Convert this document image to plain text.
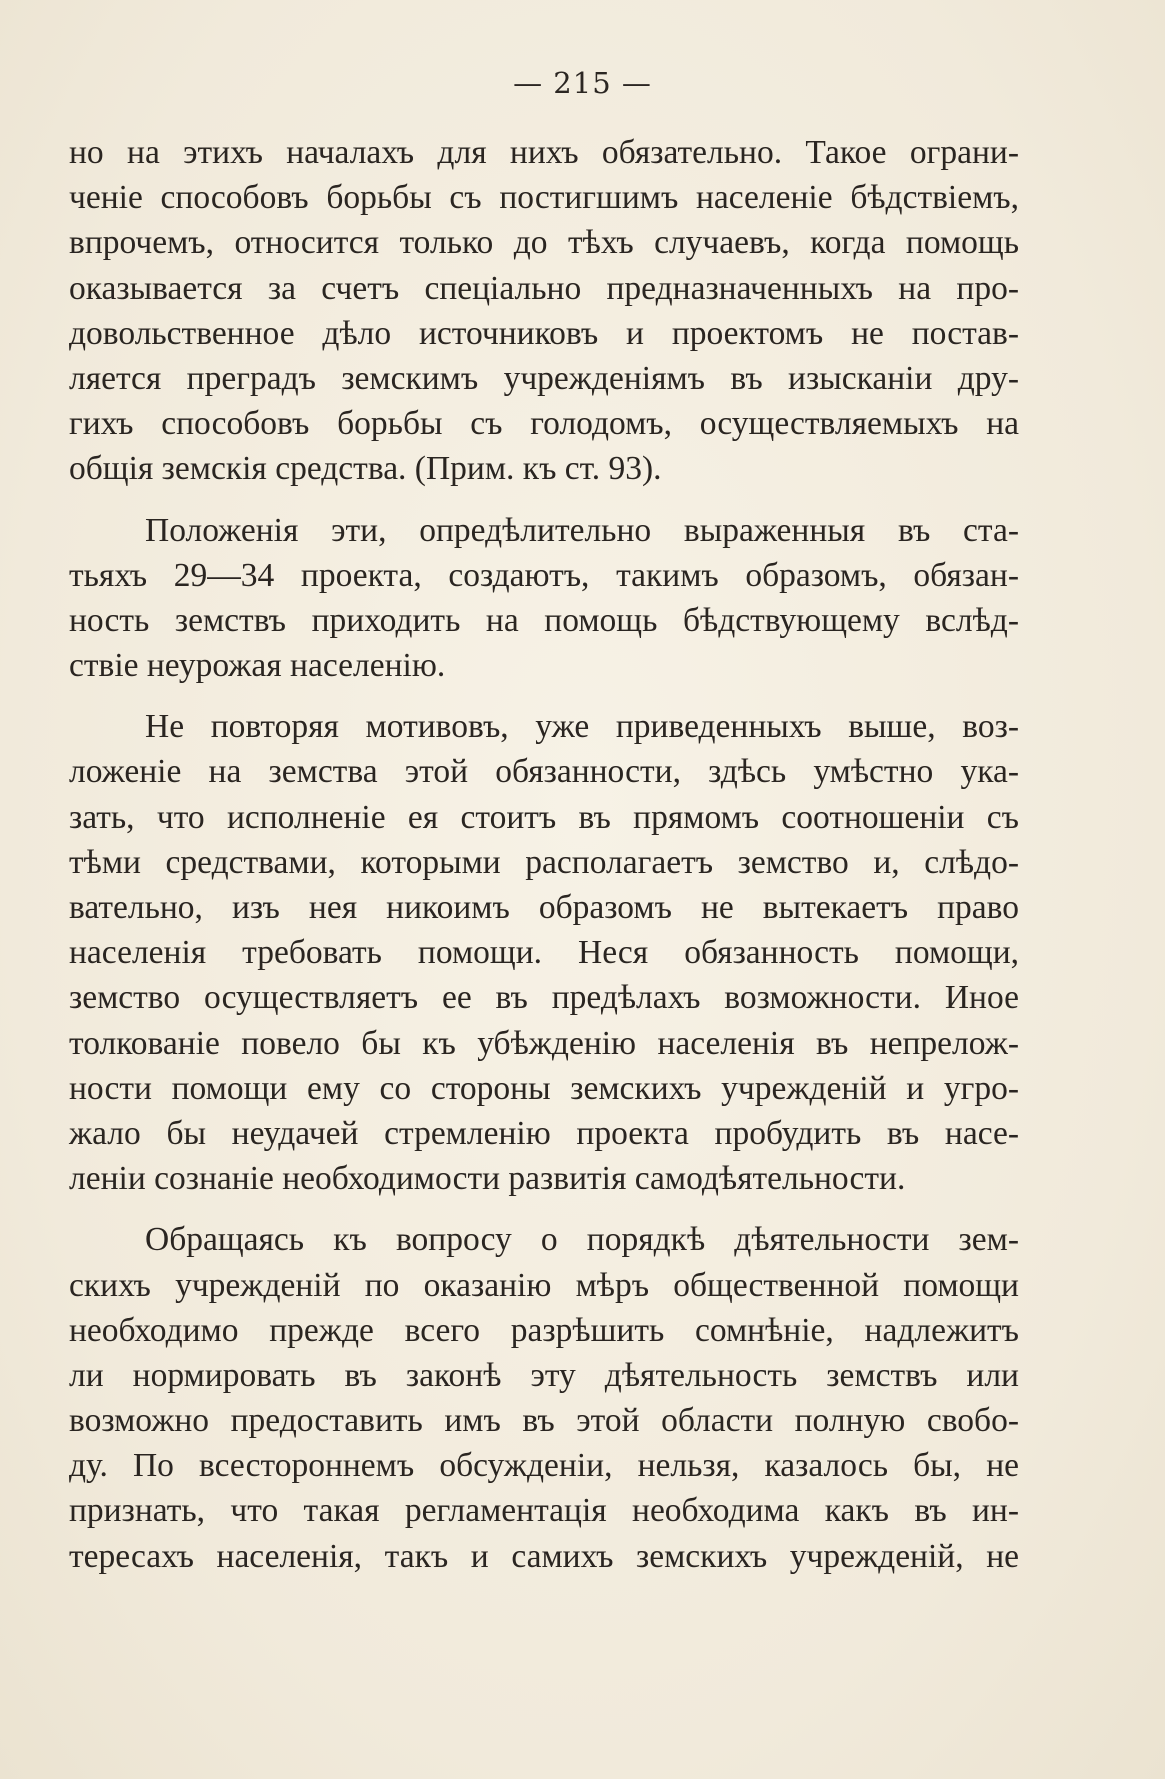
— 215 —
но на этихъ началахъ для нихъ обязательно. Такое ограни-
ченіе способовъ борьбы съ постигшимъ населеніе бѣдствіемъ,
впрочемъ, относится только до тѣхъ случаевъ, когда помощь
оказывается за счетъ спеціально предназначенныхъ на про-
довольственное дѣло источниковъ и проектомъ не постав-
ляется преградъ земскимъ учрежденіямъ въ изысканіи дру-
гихъ способовъ борьбы съ голодомъ, осуществляемыхъ на
общія земскія средства. (Прим. къ ст. 93).
Положенія эти, опредѣлительно выраженныя въ ста-
тьяхъ 29—34 проекта, создаютъ, такимъ образомъ, обязан-
ность земствъ приходить на помощь бѣдствующему вслѣд-
ствіе неурожая населенію.
Не повторяя мотивовъ, уже приведенныхъ выше, воз-
ложеніе на земства этой обязанности, здѣсь умѣстно ука-
зать, что исполненіе ея стоитъ въ прямомъ соотношеніи съ
тѣми средствами, которыми располагаетъ земство и, слѣдо-
вательно, изъ нея никоимъ образомъ не вытекаетъ право
населенія требовать помощи. Неся обязанность помощи,
земство осуществляетъ ее въ предѣлахъ возможности. Иное
толкованіе повело бы къ убѣжденію населенія въ непрелож-
ности помощи ему со стороны земскихъ учрежденій и угро-
жало бы неудачей стремленію проекта пробудить въ насе-
леніи сознаніе необходимости развитія самодѣятельности.
Обращаясь къ вопросу о порядкѣ дѣятельности зем-
скихъ учрежденій по оказанію мѣръ общественной помощи
необходимо прежде всего разрѣшить сомнѣніе, надлежитъ
ли нормировать въ законѣ эту дѣятельность земствъ или
возможно предоставить имъ въ этой области полную свобо-
ду. По всестороннемъ обсужденіи, нельзя, казалось бы, не
признать, что такая регламентація необходима какъ въ ин-
тересахъ населенія, такъ и самихъ земскихъ учрежденій, не
